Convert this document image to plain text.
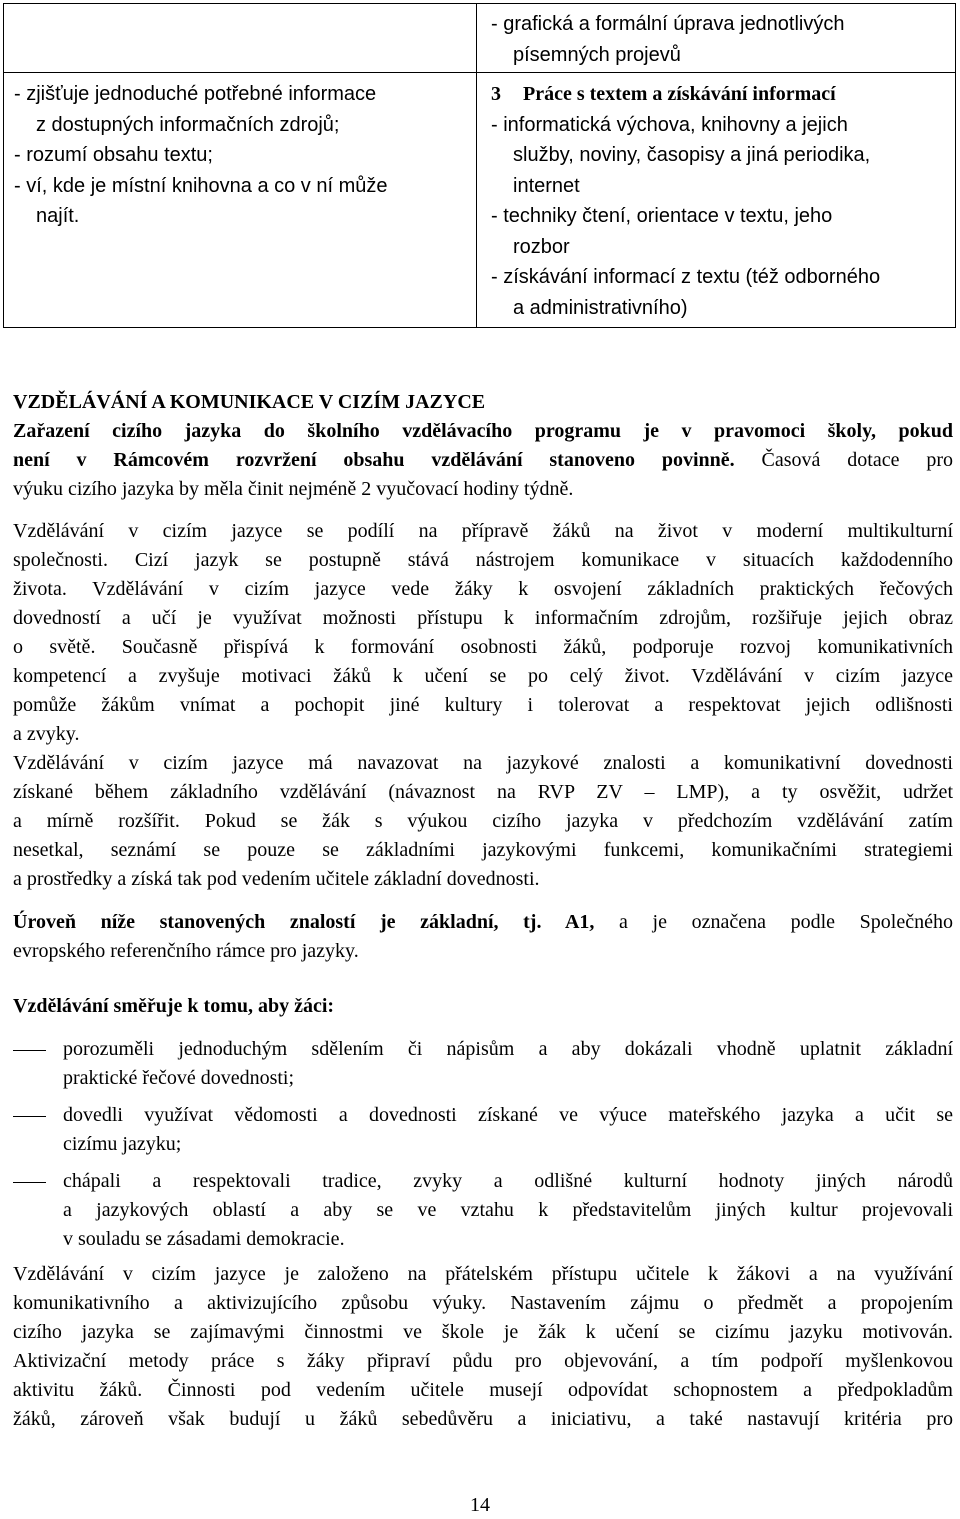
- grafická a formální úprava jednotlivých
písemných projevů
- zjišťuje jednoduché potřebné informace
z dostupných informačních zdrojů;
- rozumí obsahu textu;
- ví, kde je místní knihovna a co v ní může
najít.
3 Práce s textem a získávání informací
- informatická výchova, knihovny a jejich
služby, noviny, časopisy a jiná periodika,
internet
- techniky čtení, orientace v textu, jeho
rozbor
- získávání informací z textu (též odborného
a administrativního)

VZDĚLÁVÁNÍ A KOMUNIKACE V CIZÍM JAZYCE

Zařazení cizího jazyka do školního vzdělávacího programu je v pravomoci školy, pokud

není v Rámcovém rozvržení obsahu vzdělávání stanoveno povinně. Časová dotace pro

výuku cizího jazyka by měla činit nejméně 2 vyučovací hodiny týdně.

Vzdělávání v cizím jazyce se podílí na přípravě žáků na život v moderní multikulturní

společnosti. Cizí jazyk se postupně stává nástrojem komunikace v situacích každodenního

života. Vzdělávání v cizím jazyce vede žáky k osvojení základních praktických řečových

dovedností a učí je využívat možnosti přístupu k informačním zdrojům, rozšiřuje jejich obraz

o světě. Současně přispívá k formování osobnosti žáků, podporuje rozvoj komunikativních

kompetencí a zvyšuje motivaci žáků k učení se po celý život. Vzdělávání v cizím jazyce

pomůže žákům vnímat a pochopit jiné kultury i tolerovat a respektovat jejich odlišnosti

a zvyky.

Vzdělávání v cizím jazyce má navazovat na jazykové znalosti a komunikativní dovednosti

získané během základního vzdělávání (návaznost na RVP ZV – LMP), a ty osvěžit, udržet

a mírně rozšířit. Pokud se žák s výukou cizího jazyka v předchozím vzdělávání zatím

nesetkal, seznámí se pouze se základními jazykovými funkcemi, komunikačními strategiemi

a prostředky a získá tak pod vedením učitele základní dovednosti.

Úroveň níže stanovených znalostí je základní, tj. A1, a je označena podle Společného

evropského referenčního rámce pro jazyky.

Vzdělávání směřuje k tomu, aby žáci:

porozuměli jednoduchým sdělením či nápisům a aby dokázali vhodně uplatnit základní

praktické řečové dovednosti;

dovedli využívat vědomosti a dovednosti získané ve výuce mateřského jazyka a učit se

cizímu jazyku;

chápali a respektovali tradice, zvyky a odlišné kulturní hodnoty jiných národů

a jazykových oblastí a aby se ve vztahu k představitelům jiných kultur projevovali

v souladu se zásadami demokracie.

Vzdělávání v cizím jazyce je založeno na přátelském přístupu učitele k žákovi a na využívání

komunikativního a aktivizujícího způsobu výuky. Nastavením zájmu o předmět a propojením

cizího jazyka se zajímavými činnostmi ve škole je žák k učení se cizímu jazyku motivován.

Aktivizační metody práce s žáky připraví půdu pro objevování, a tím podpoří myšlenkovou

aktivitu žáků. Činnosti pod vedením učitele musejí odpovídat schopnostem a předpokladům

žáků, zároveň však budují u žáků sebedůvěru a iniciativu, a také nastavují kritéria pro

14
